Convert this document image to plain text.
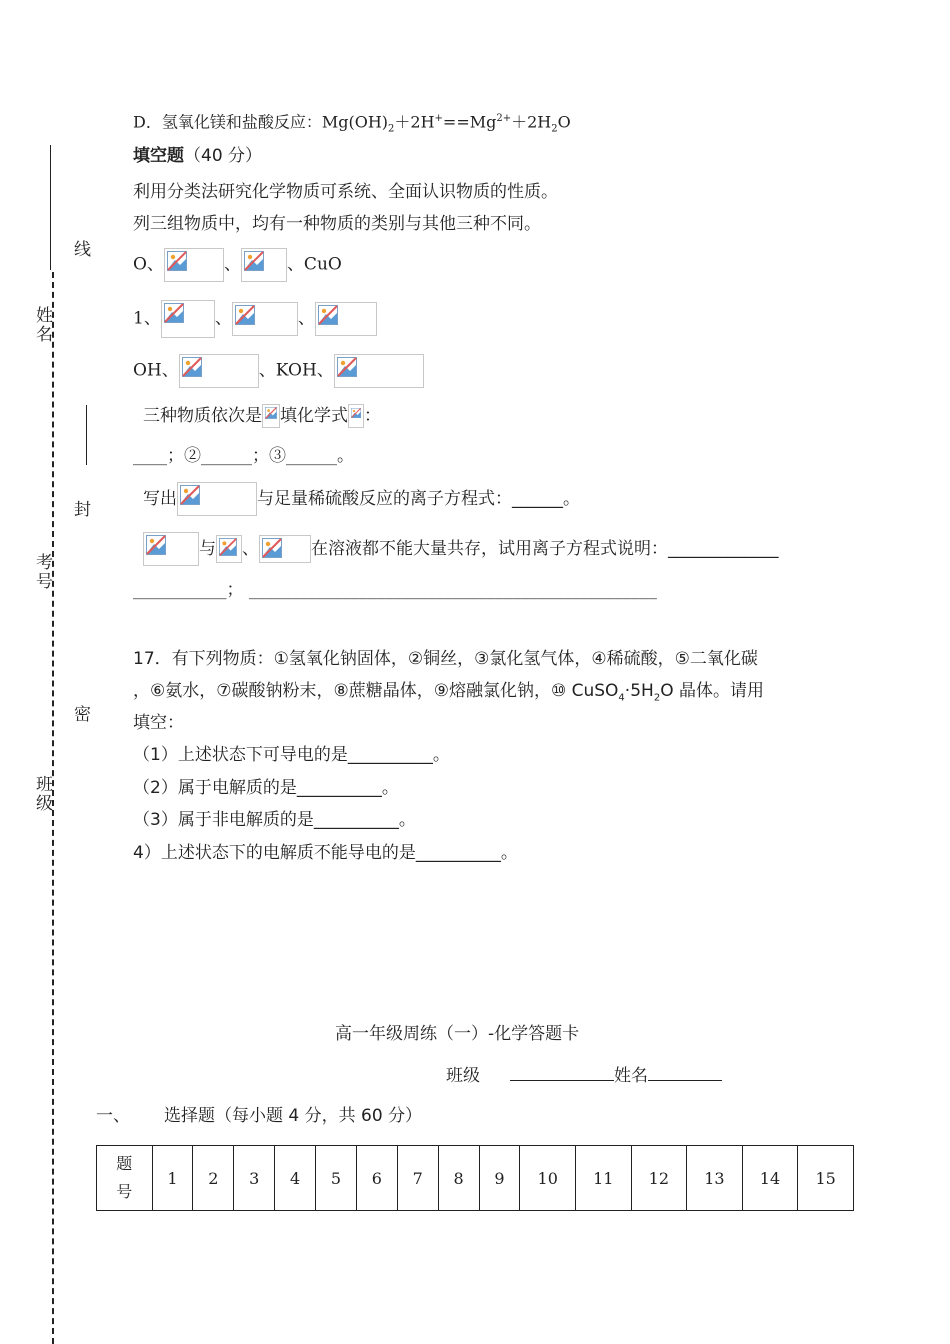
姓名
考号
班级
线
封
密
D．氢氧化镁和盐酸反应：$Mg(OH)_2+2H^+==Mg^{2+}+2H_2O$
填空题（40 分）
利用分类法研究化学物质可系统、全面认识物质的性质。
列三组物质中，均有一种物质的类别与其他三种不同。
O、	、	、CuO
1、	、	、
OH、	、KOH、
三种物质依次是 填化学式 ：
____；②______；③______。
写出	与足量稀硫酸反应的离子方程式：______。
与 、	在溶液都不能大量共存，试用离子方程式说明：_____________
___________； ________________________________________________
17．有下列物质：①氢氧化钠固体，②铜丝，③氯化氢气体，④稀硫酸，⑤二氧化碳
，⑥氨水，⑦碳酸钠粉末，⑧蔗糖晶体，⑨熔融氯化钠，⑩ $CuSO_4\cdot 5H_2O$ 晶体。请用
填空：
（1）上述状态下可导电的是__________。
（2）属于电解质的是__________。
（3）属于非电解质的是__________。
4）上述状态下的电解质不能导电的是__________。
高一年级周练（一）-化学答题卡
班级	姓名
一、 选择题（每小题 4 分，共 60 分）
题
号	1	2	3	4	5	6	7	8	9	10	11	12	13	14	15
